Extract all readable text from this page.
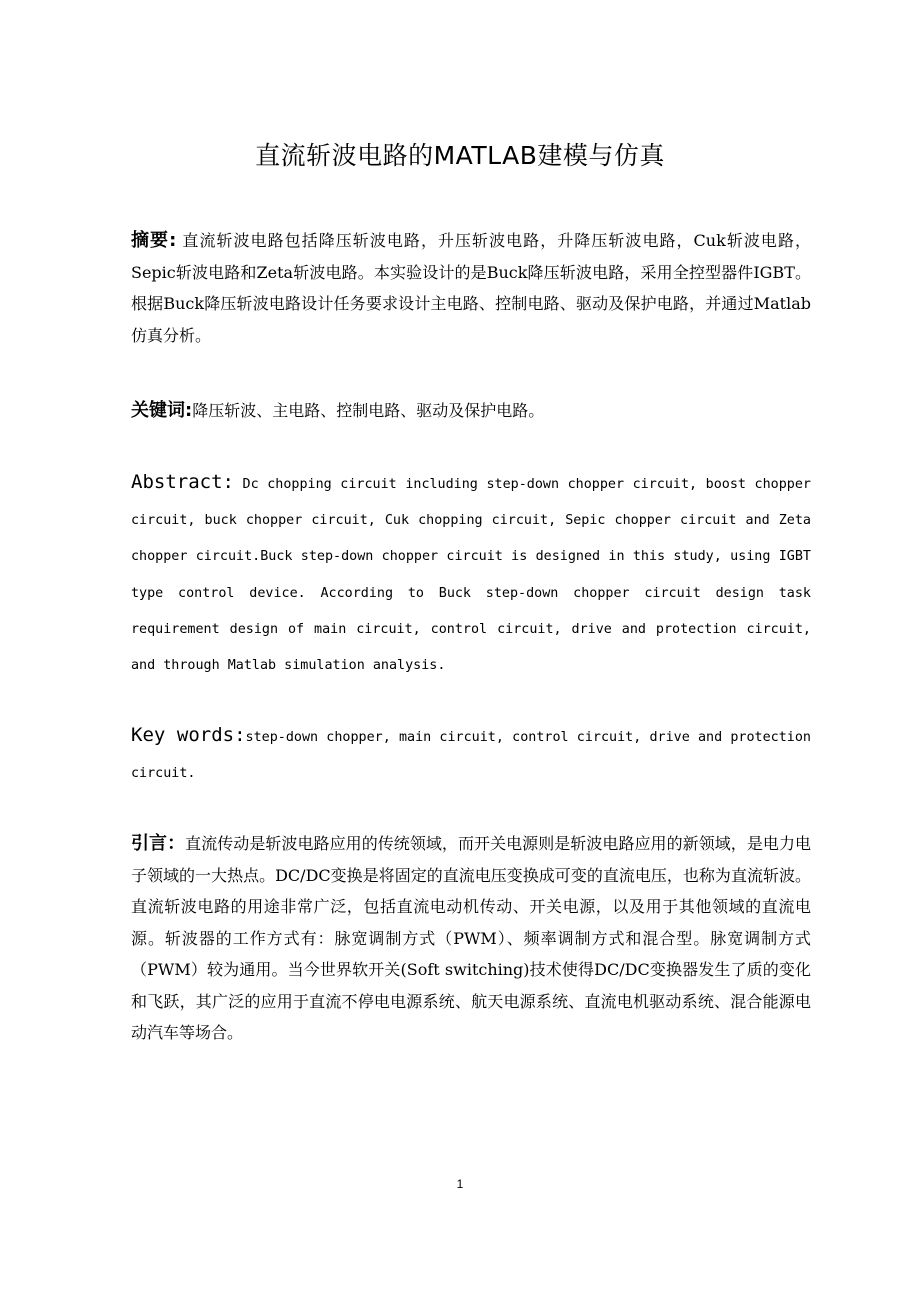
直流斩波电路的MATLAB建模与仿真

摘要: 直流斩波电路包括降压斩波电路，升压斩波电路，升降压斩波电路，Cuk斩波电路，Sepic斩波电路和Zeta斩波电路。本实验设计的是Buck降压斩波电路，采用全控型器件IGBT。根据Buck降压斩波电路设计任务要求设计主电路、控制电路、驱动及保护电路，并通过Matlab仿真分析。

关键词:降压斩波、主电路、控制电路、驱动及保护电路。

Abstract: Dc chopping circuit including step-down chopper circuit, boost chopper circuit, buck chopper circuit, Cuk chopping circuit, Sepic chopper circuit and Zeta chopper circuit.Buck step-down chopper circuit is designed in this study, using IGBT type control device. According to Buck step-down chopper circuit design task requirement design of main circuit, control circuit, drive and protection circuit, and through Matlab simulation analysis.

Key words:step-down chopper, main circuit, control circuit, drive and protection circuit.

引言：直流传动是斩波电路应用的传统领域，而开关电源则是斩波电路应用的新领域，是电力电子领域的一大热点。DC/DC变换是将固定的直流电压变换成可变的直流电压，也称为直流斩波。直流斩波电路的用途非常广泛，包括直流电动机传动、开关电源，以及用于其他领域的直流电源。斩波器的工作方式有：脉宽调制方式（PWM）、频率调制方式和混合型。脉宽调制方式（PWM）较为通用。当今世界软开关(Soft switching)技术使得DC/DC变换器发生了质的变化和飞跃，其广泛的应用于直流不停电电源系统、航天电源系统、直流电机驱动系统、混合能源电动汽车等场合。

1
